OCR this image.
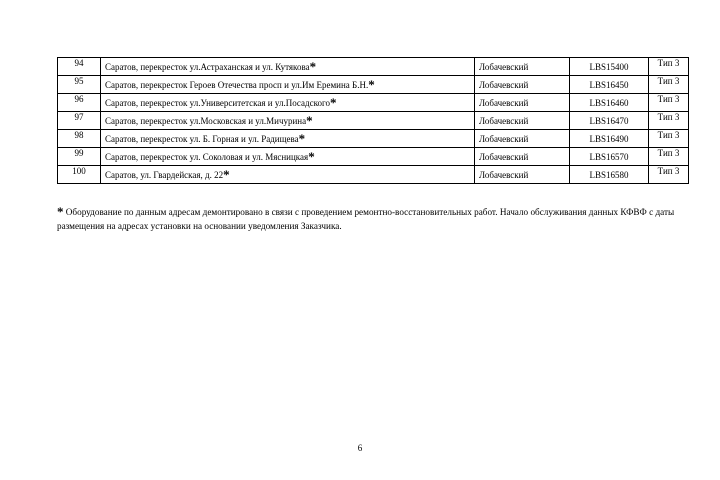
94	Саратов, перекресток ул.Астраханская и ул. Кутякова*	Лобачевский	LBS15400	Тип 3
95	Саратов, перекресток Героев Отечества просп и ул.Им Еремина Б.Н.*	Лобачевский	LBS16450	Тип 3
96	Саратов, перекресток ул.Университетская и ул.Посадского*	Лобачевский	LBS16460	Тип 3
97	Саратов, перекресток ул.Московская и ул.Мичурина*	Лобачевский	LBS16470	Тип 3
98	Саратов, перекресток ул. Б. Горная и ул. Радищева*	Лобачевский	LBS16490	Тип 3
99	Саратов, перекресток ул. Соколовая и ул. Мясницкая*	Лобачевский	LBS16570	Тип 3
100	Саратов, ул. Гвардейская, д. 22*	Лобачевский	LBS16580	Тип 3
* Оборудование по данным адресам демонтировано в связи с проведением ремонтно-восстановительных работ. Начало обслуживания данных КФВФ с даты размещения на адресах установки на основании уведомления Заказчика.
6
